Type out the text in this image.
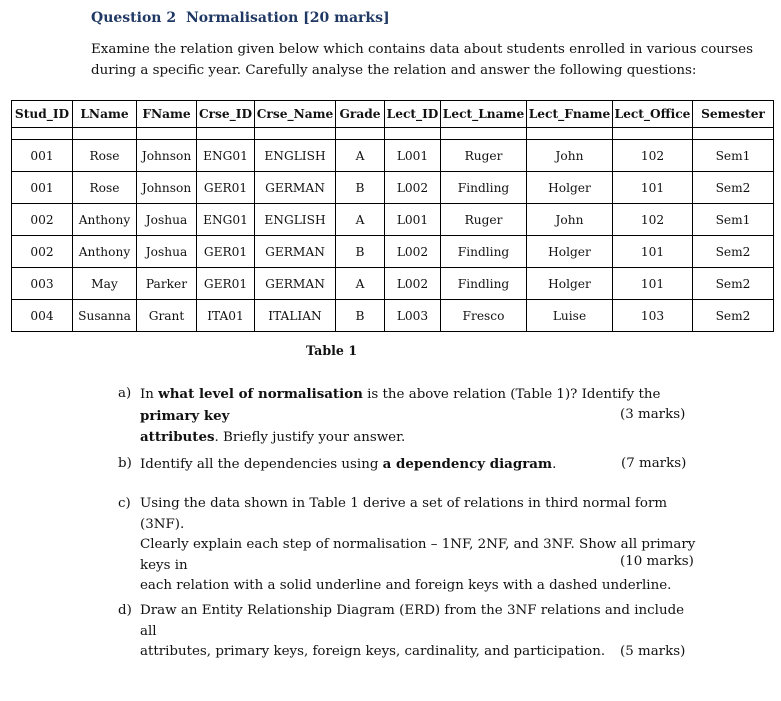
Question 2 Normalisation [20 marks]
Examine the relation given below which contains data about students enrolled in various courses
during a specific year. Carefully analyse the relation and answer the following questions:
Stud_ID	LName	FName	Crse_ID	Crse_Name	Grade	Lect_ID	Lect_Lname	Lect_Fname	Lect_Office	Semester

001	Rose	Johnson	ENG01	ENGLISH	A	L001	Ruger	John	102	Sem1
001	Rose	Johnson	GER01	GERMAN	B	L002	Findling	Holger	101	Sem2
002	Anthony	Joshua	ENG01	ENGLISH	A	L001	Ruger	John	102	Sem1
002	Anthony	Joshua	GER01	GERMAN	B	L002	Findling	Holger	101	Sem2
003	May	Parker	GER01	GERMAN	A	L002	Findling	Holger	101	Sem2
004	Susanna	Grant	ITA01	ITALIAN	B	L003	Fresco	Luise	103	Sem2
Table 1
a) In what level of normalisation is the above relation (Table 1)? Identify the primary key
attributes. Briefly justify your answer.
(3 marks)
b) Identify all the dependencies using a dependency diagram.	(7 marks)
c) Using the data shown in Table 1 derive a set of relations in third normal form (3NF).
Clearly explain each step of normalisation – 1NF, 2NF, and 3NF. Show all primary keys in
each relation with a solid underline and foreign keys with a dashed underline.
(10 marks)
d) Draw an Entity Relationship Diagram (ERD) from the 3NF relations and include all
attributes, primary keys, foreign keys, cardinality, and participation.	(5 marks)
